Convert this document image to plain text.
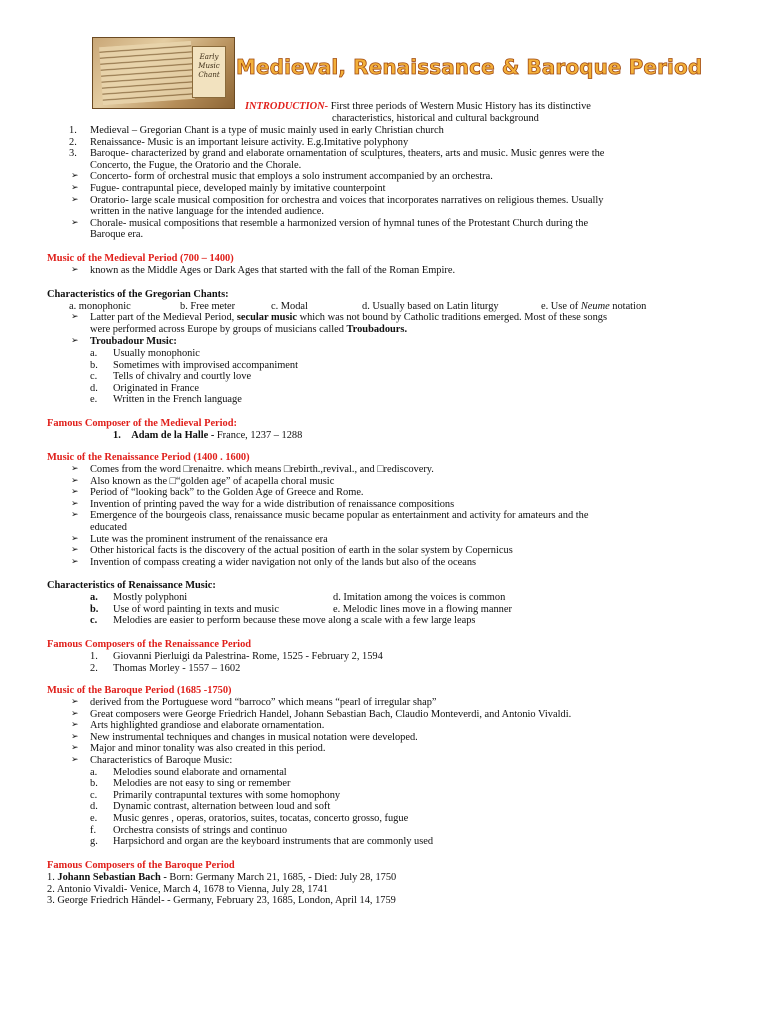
Early Music Chant Medieval, Renaissance & Baroque Period
INTRODUCTION- First three periods of Western Music History has its distinctive
characteristics, historical and cultural background
1. Medieval – Gregorian Chant is a type of music mainly used in early Christian church
2. Renaissance- Music is an important leisure activity. E.g.Imitative polyphony
3. Baroque- characterized by grand and elaborate ornamentation of sculptures, theaters, arts and music. Music genres were the
Concerto, the Fugue, the Oratorio and the Chorale.
➢ Concerto- form of orchestral music that employs a solo instrument accompanied by an orchestra.
➢ Fugue- contrapuntal piece, developed mainly by imitative counterpoint
➢ Oratorio- large scale musical composition for orchestra and voices that incorporates narratives on religious themes. Usually
written in the native language for the intended audience.
➢ Chorale- musical compositions that resemble a harmonized version of hymnal tunes of the Protestant Church during the
Baroque era.
Music of the Medieval Period (700 – 1400)
➢ known as the Middle Ages or Dark Ages that started with the fall of the Roman Empire.
Characteristics of the Gregorian Chants:
a. monophonic	b. Free meter	c. Modal	d. Usually based on Latin liturgy	e. Use of Neume notation
➢ Latter part of the Medieval Period, secular music which was not bound by Catholic traditions emerged. Most of these songs
were performed across Europe by groups of musicians called Troubadours.
➢ Troubadour Music:
a. Usually monophonic
b. Sometimes with improvised accompaniment
c. Tells of chivalry and courtly love
d. Originated in France
e. Written in the French language
Famous Composer of the Medieval Period:
1. Adam de la Halle - France, 1237 – 1288
Music of the Renaissance Period (1400 . 1600)
➢ Comes from the word □renaitre. which means □rebirth.,revival., and □rediscovery.
➢ Also known as the □“golden age” of acapella choral music
➢ Period of “looking back” to the Golden Age of Greece and Rome.
➢ Invention of printing paved the way for a wide distribution of renaissance compositions
➢ Emergence of the bourgeois class, renaissance music became popular as entertainment and activity for amateurs and the
educated
➢ Lute was the prominent instrument of the renaissance era
➢ Other historical facts is the discovery of the actual position of earth in the solar system by Copernicus
➢ Invention of compass creating a wider navigation not only of the lands but also of the oceans
Characteristics of Renaissance Music:
a. Mostly polyphoni	d. Imitation among the voices is common
b. Use of word painting in texts and music	e. Melodic lines move in a flowing manner
c. Melodies are easier to perform because these move along a scale with a few large leaps
Famous Composers of the Renaissance Period
1. Giovanni Pierluigi da Palestrina- Rome, 1525 - February 2, 1594
2. Thomas Morley - 1557 – 1602
Music of the Baroque Period (1685 -1750)
➢ derived from the Portuguese word “barroco” which means “pearl of irregular shap”
➢ Great composers were George Friedrich Handel, Johann Sebastian Bach, Claudio Monteverdi, and Antonio Vivaldi.
➢ Arts highlighted grandiose and elaborate ornamentation.
➢ New instrumental techniques and changes in musical notation were developed.
➢ Major and minor tonality was also created in this period.
➢ Characteristics of Baroque Music:
a. Melodies sound elaborate and ornamental
b. Melodies are not easy to sing or remember
c. Primarily contrapuntal textures with some homophony
d. Dynamic contrast, alternation between loud and soft
e. Music genres , operas, oratorios, suites, tocatas, concerto grosso, fugue
f. Orchestra consists of strings and continuo
g. Harpsichord and organ are the keyboard instruments that are commonly used
Famous Composers of the Baroque Period
1. Johann Sebastian Bach - Born: Germany March 21, 1685, - Died: July 28, 1750
2. Antonio Vivaldi- Venice, March 4, 1678 to Vienna, July 28, 1741
3. George Friedrich Händel- - Germany, February 23, 1685, London, April 14, 1759
